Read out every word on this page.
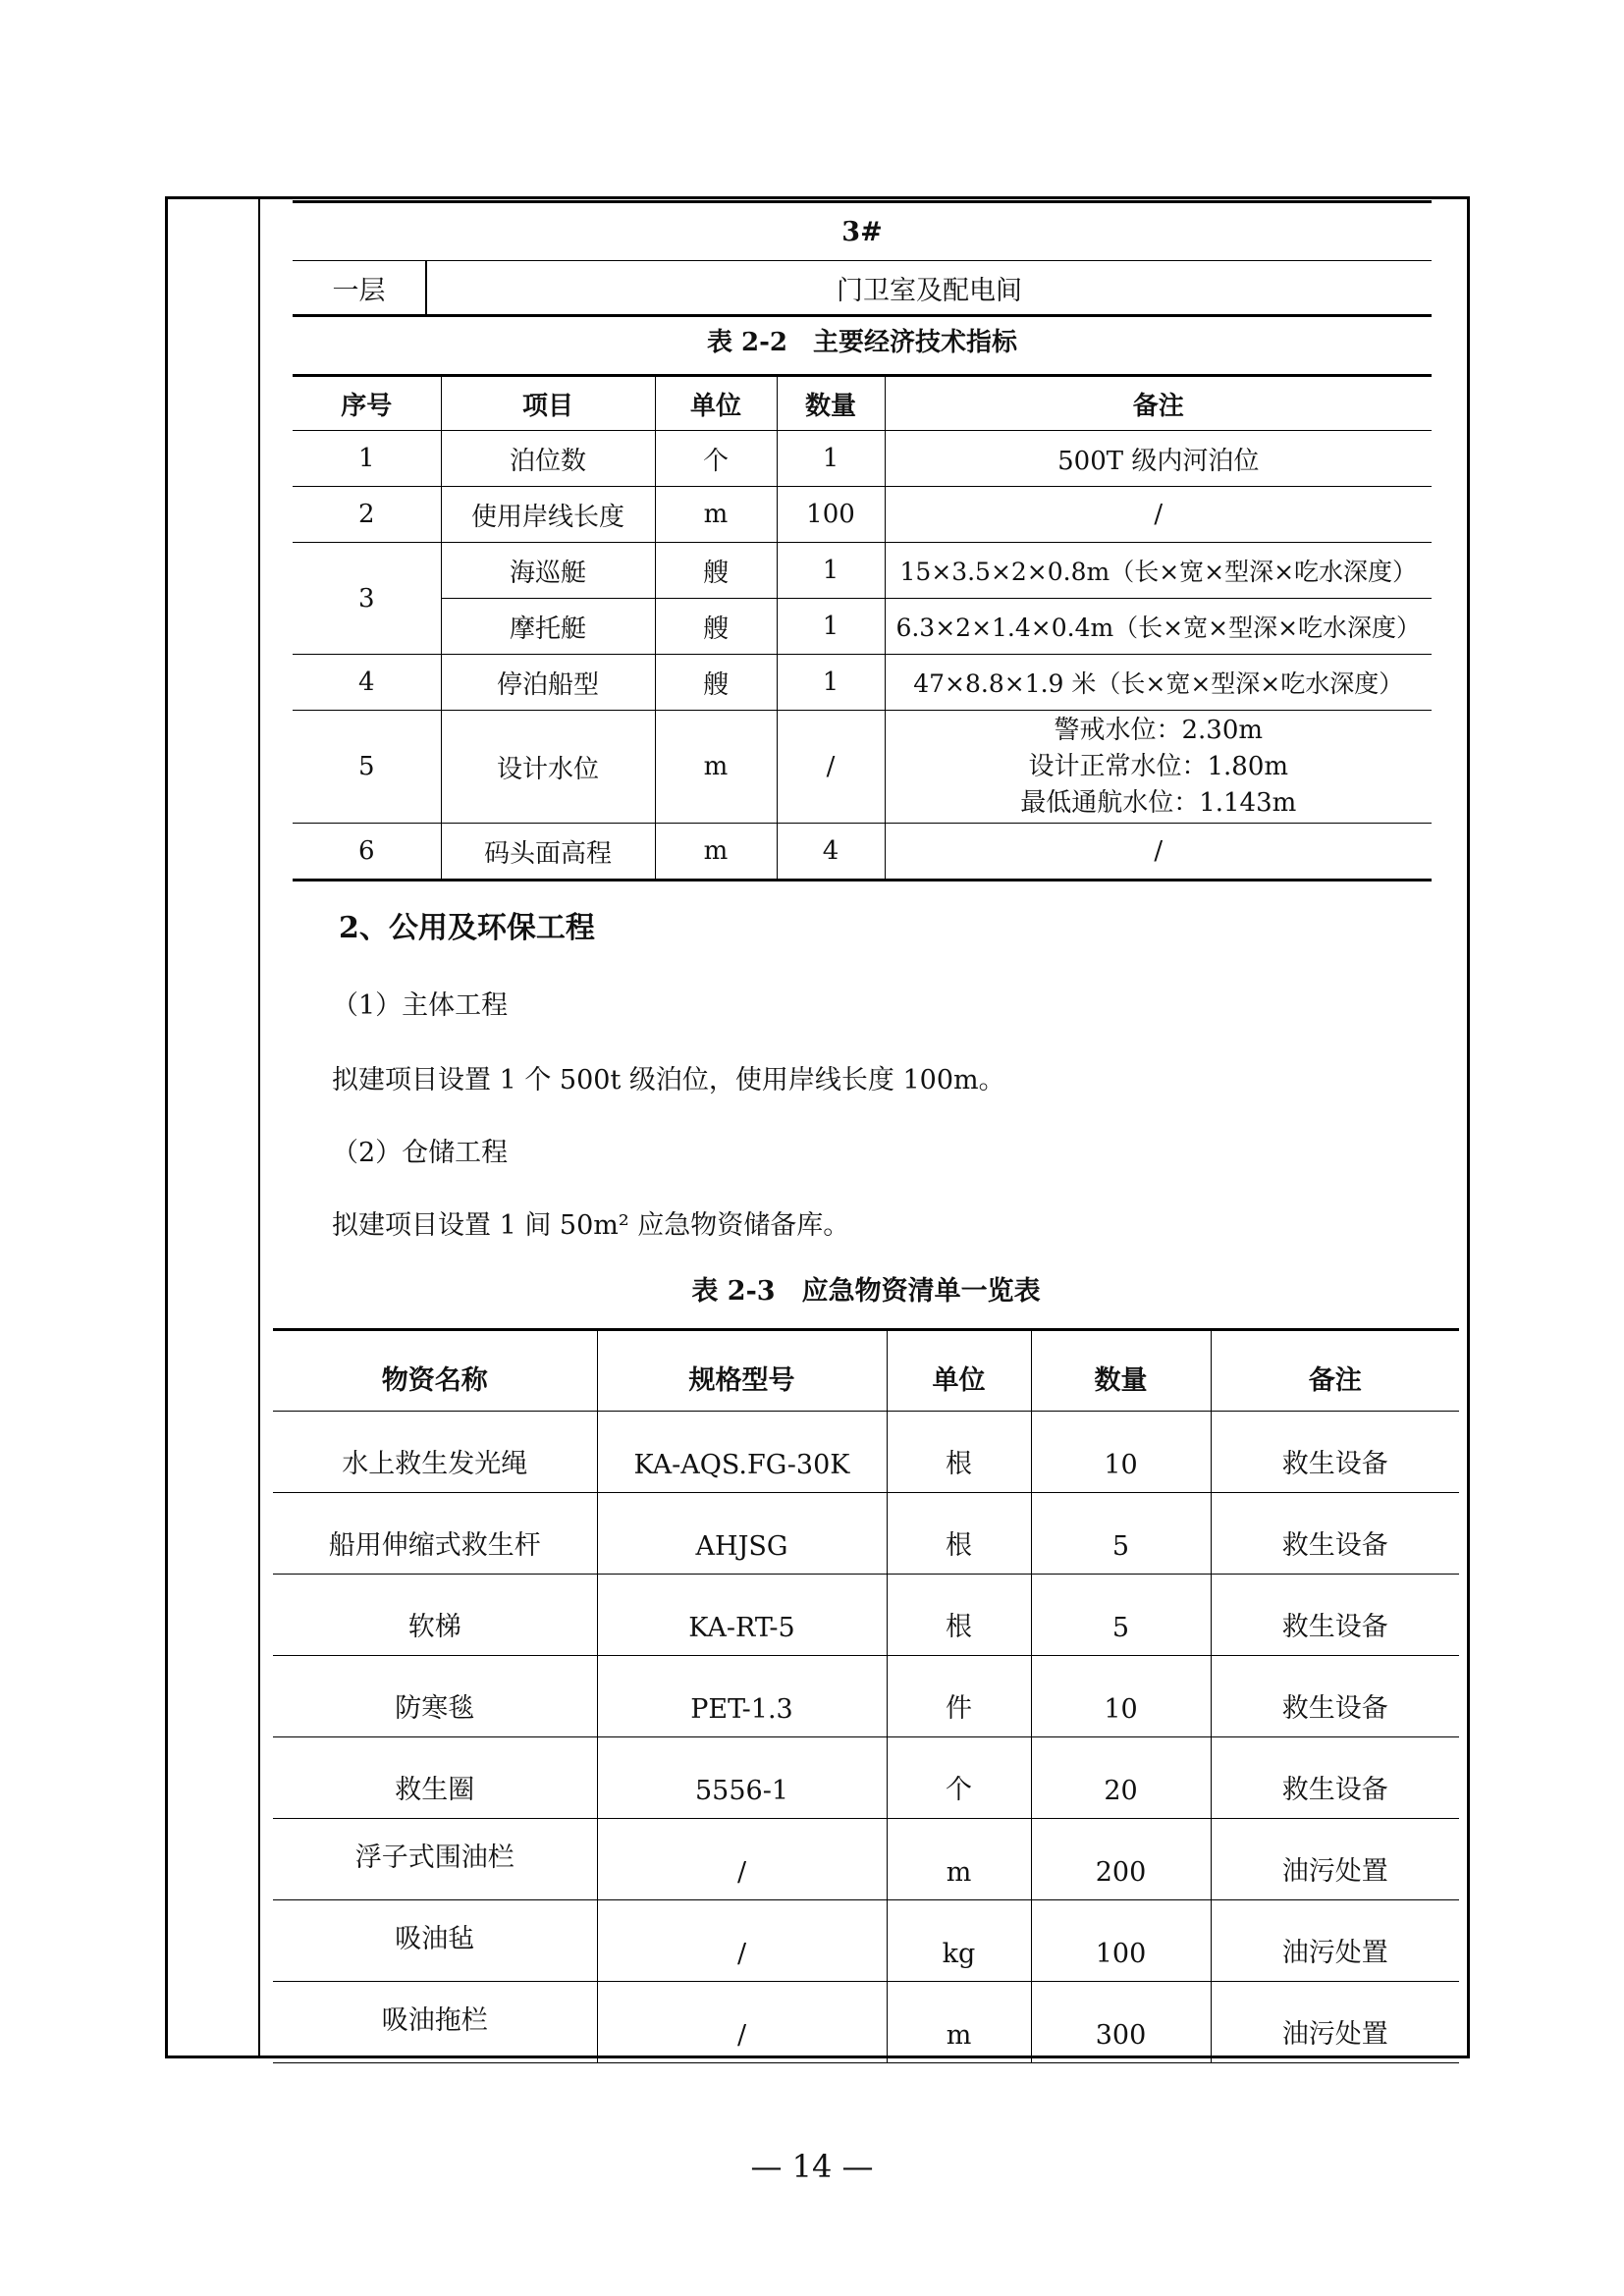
3#
一层	门卫室及配电间
表 2-2　主要经济技术指标
序号	项目	单位	数量	备注
1	泊位数	个	1	500T 级内河泊位
2	使用岸线长度	m	100	/
3	海巡艇	艘	1	15×3.5×2×0.8m（长×宽×型深×吃水深度）
	摩托艇	艘	1	6.3×2×1.4×0.4m（长×宽×型深×吃水深度）
4	停泊船型	艘	1	47×8.8×1.9 米（长×宽×型深×吃水深度）
5	设计水位	m	/	警戒水位：2.30m
设计正常水位：1.80m
最低通航水位：1.143m

6	码头面高程	m	4	/
2、公用及环保工程
（1）主体工程
拟建项目设置 1 个 500t 级泊位，使用岸线长度 100m。
（2）仓储工程
拟建项目设置 1 间 50m² 应急物资储备库。
表 2-3　应急物资清单一览表
物资名称	规格型号	单位	数量	备注
水上救生发光绳	KA-AQS.FG-30K	根	10	救生设备
船用伸缩式救生杆	AHJSG	根	5	救生设备
软梯	KA-RT-5	根	5	救生设备
防寒毯	PET-1.3	件	10	救生设备
救生圈	5556-1	个	20	救生设备
浮子式围油栏	/	m	200	油污处置
吸油毡	/	kg	100	油污处置
吸油拖栏	/	m	300	油污处置
— 14 —
